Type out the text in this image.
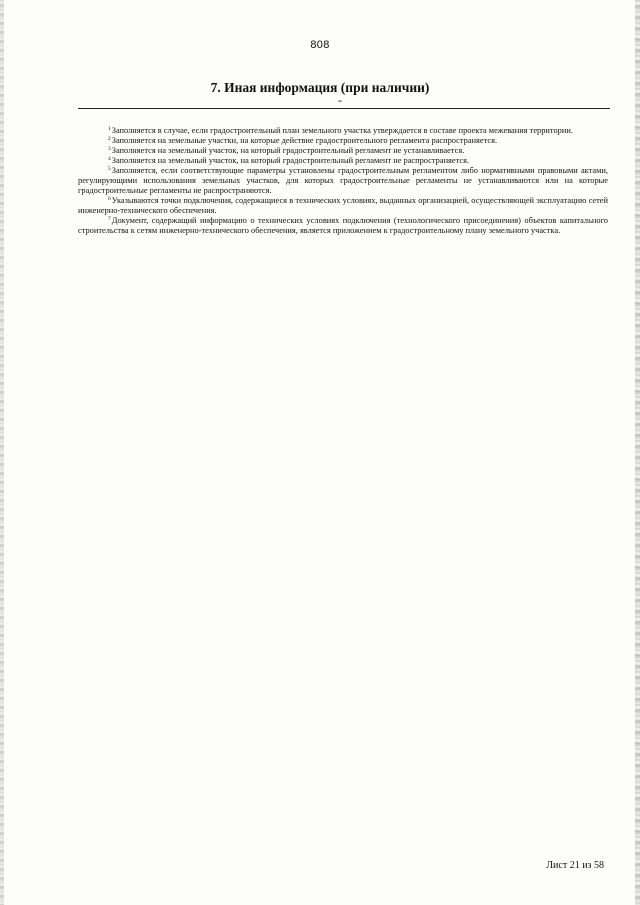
808
7. Иная информация (при наличии)
-

$^1$Заполняется в случае, если градостроительный план земельного участка утверждается в составе проекта межевания территории.

$^2$Заполняется на земельные участки, на которые действие градостроительного регламента распространяется.

$^3$Заполняется на земельный участок, на который градостроительный регламент не устанавливается.

$^4$Заполняется на земельный участок, на который градостроительный регламент не распространяется.

$^5$Заполняется, если соответствующие параметры установлены градостроительным регламентом либо нормативными правовыми актами, регулирующими использования земельных участков, для которых градостроительные регламенты не устанавливаются или на которые градостроительные регламенты не распространяются.

$^6$Указываются точки подключения, содержащиеся в технических условиях, выданных организацией, осуществляющей эксплуатацию сетей инженерно-технического обеспечения.

$^7$Документ, содержащий информацию о технических условиях подключения (технологического присоединения) объектов капитального строительства к сетям инженерно-технического обеспечения, является приложением к градостроительному плану земельного участка.

Лист 21 из 58
